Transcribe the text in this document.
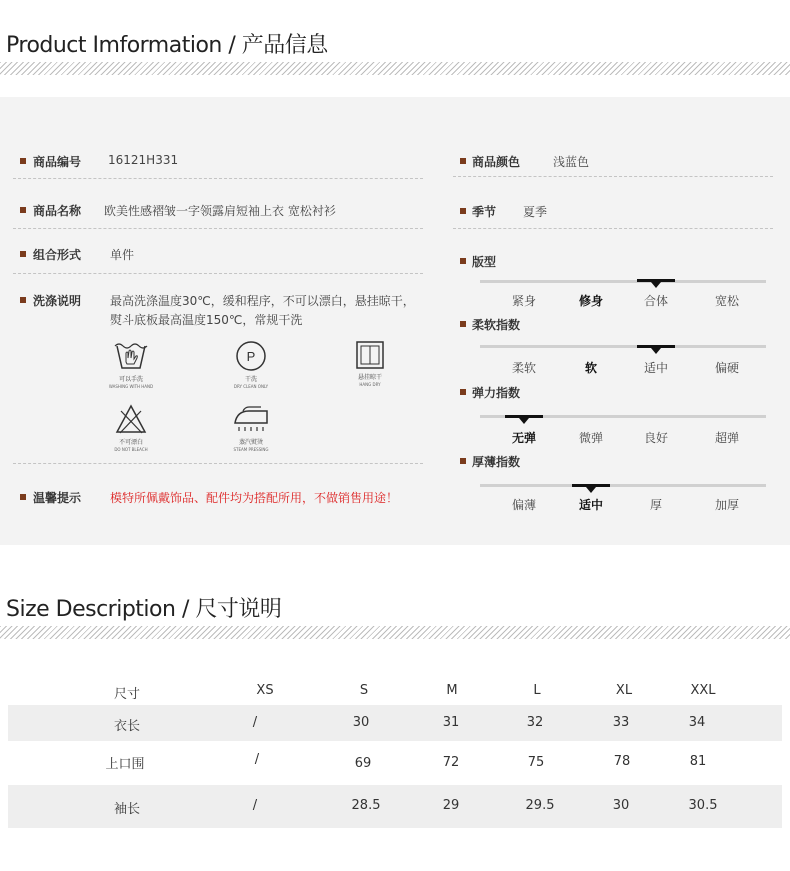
Product Imformation / 产品信息
商品编号 16121H331
商品名称 欧美性感褶皱一字领露肩短袖上衣 宽松衬衫
组合形式 单件
洗涤说明 最高洗涤温度30℃，缓和程序，不可以漂白，悬挂晾干，
熨斗底板最高温度150℃，常规干洗
可以手洗
WASHING WITH HAND
P
干洗
DRY CLEAN ONLY
悬挂晾干
HANG DRY
不可漂白
DO NOT BLEACH
蒸汽熨烫
STEAM PRESSING
温馨提示 模特所佩戴饰品、配件均为搭配所用，不做销售用途！
商品颜色	浅蓝色
季节 夏季
版型
紧身	修身	合体	宽松
柔软指数
柔软	软	适中	偏硬
弹力指数
无弹	微弹	良好	超弹
厚薄指数
偏薄	适中	厚	加厚
Size Description / 尺寸说明
尺寸	XS	S	M	L	XL	XXL
衣长	/	30	31	32	33	34
上口围	/	69	72	75	78	81
袖长	/	28.5	29	29.5	30	30.5
